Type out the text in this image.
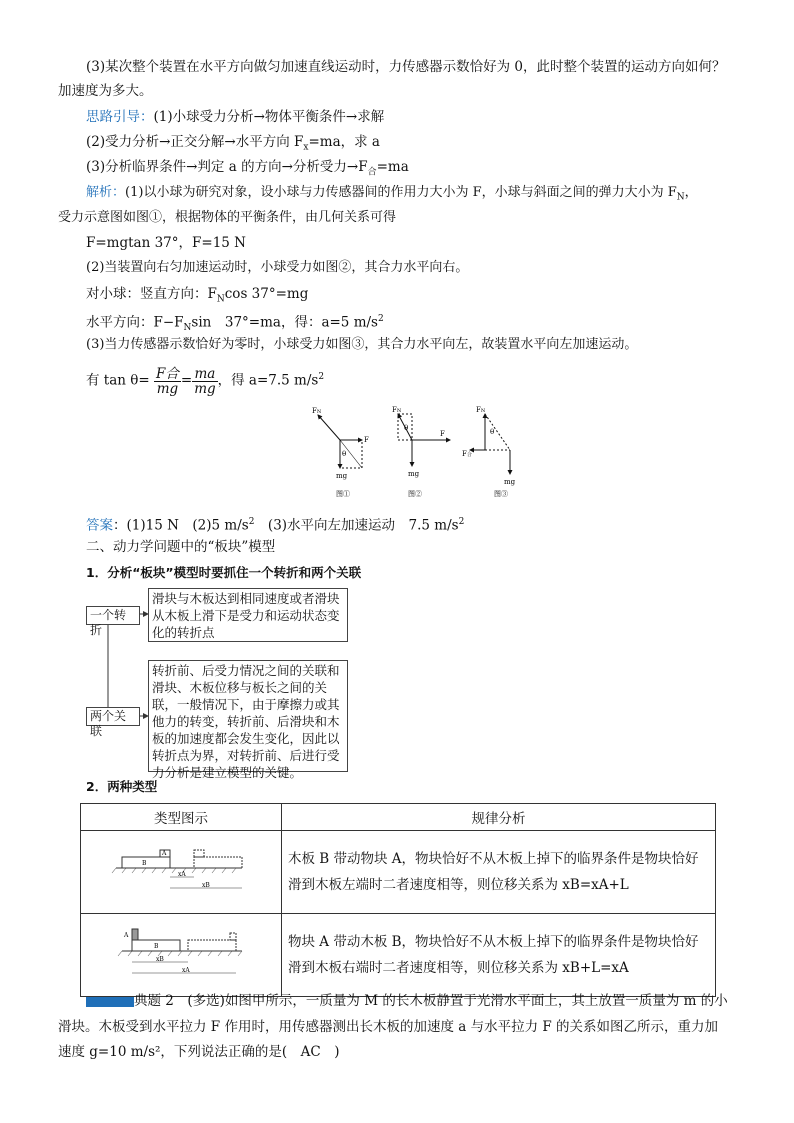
(3)某次整个装置在水平方向做匀加速直线运动时，力传感器示数恰好为 0，此时整个装置的运动方向如何？
加速度为多大。
思路引导：(1)小球受力分析→物体平衡条件→求解
(2)受力分析→正交分解→水平方向 $F_x=ma$，求 a
(3)分析临界条件→判定 a 的方向→分析受力$\to F_合=ma$
解析：(1)以小球为研究对象，设小球与力传感器间的作用力大小为 F，小球与斜面之间的弹力大小为 $F_N$，
受力示意图如图①，根据物体的平衡条件，由几何关系可得
F=mgtan 37°，F=15 N
(2)当装置向右匀加速运动时，小球受力如图②，其合力水平向右。
对小球：竖直方向：$F_N\cos$ 37°=mg
水平方向：$F-F_N\sin$　37°=ma，得：a=5 $m/s^2$
(3)当力传感器示数恰好为零时，小球受力如图③，其合力水平向左，故装置水平向左加速运动。
有 $\tan \theta= \frac{\text{F合}}{mg} = \frac{ma}{mg}$ ，得 a=7.5 $m/s^2$
FN
F
θ
mg
图①
FN
F
θ
mg
图②
FN
θ
F合
mg
图③
答案：(1)15 N　(2)5 $m/s^2$　(3)水平向左加速运动　7.5 $m/s^2$
二、动力学问题中的“板块”模型
1．分析“板块”模型时要抓住一个转折和两个关联
一个转折
滑块与木板达到相同速度或者滑块从木板上滑下是受力和运动状态变化的转折点
两个关联
转折前、后受力情况之间的关联和滑块、木板位移与板长之间的关联，一般情况下，由于摩擦力或其他力的转变，转折前、后滑块和木板的加速度都会发生变化，因此以转折点为界，对转折前、后进行受力分析是建立模型的关键。
2．两种类型
类型图示	规律分析

B
A
xA
xB	木板 B 带动物块 A，物块恰好不从木板上掉下的临界条件是物块恰好滑到木板左端时二者速度相等，则位移关系为 xB=xA+L

B
A
xB
xA	物块 A 带动木板 B，物块恰好不从木板上掉下的临界条件是物块恰好滑到木板右端时二者速度相等，则位移关系为 xB+L=xA
典题 2　 (多选)如图甲所示，一质量为 M 的长木板静置于光滑水平面上，其上放置一质量为 m 的小
滑块。木板受到水平拉力 F 作用时，用传感器测出长木板的加速度 a 与水平拉力 F 的关系如图乙所示，重力加
速度 g=10 m/s²，下列说法正确的是(　AC　)
